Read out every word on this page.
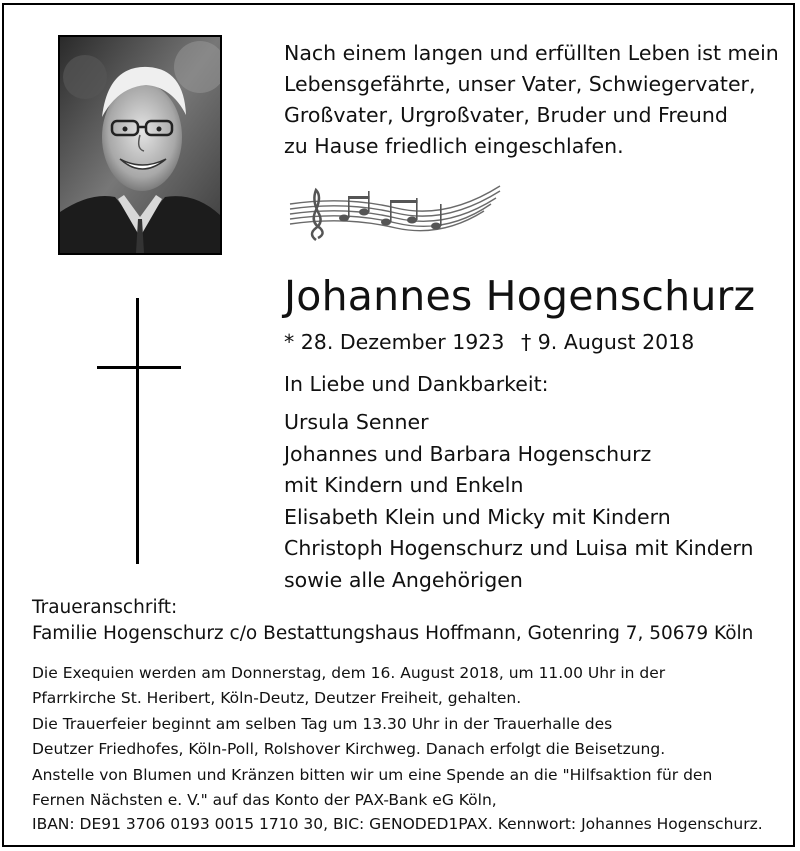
Nach einem langen und erfüllten Leben ist mein
Lebensgefährte, unser Vater, Schwiegervater,
Großvater, Urgroßvater, Bruder und Freund
zu Hause friedlich eingeschlafen.
Johannes Hogenschurz
* 28. Dezember 1923 † 9. August 2018
In Liebe und Dankbarkeit:
Ursula Senner
Johannes und Barbara Hogenschurz
mit Kindern und Enkeln
Elisabeth Klein und Micky mit Kindern
Christoph Hogenschurz und Luisa mit Kindern
sowie alle Angehörigen
Traueranschrift:
Familie Hogenschurz c/o Bestattungshaus Hoffmann, Gotenring 7, 50679 Köln

Die Exequien werden am Donnerstag, dem 16. August 2018, um 11.00 Uhr in der
Pfarrkirche St. Heribert, Köln-Deutz, Deutzer Freiheit, gehalten.

Die Trauerfeier beginnt am selben Tag um 13.30 Uhr in der Trauerhalle des
Deutzer Friedhofes, Köln-Poll, Rolshover Kirchweg. Danach erfolgt die Beisetzung.

Anstelle von Blumen und Kränzen bitten wir um eine Spende an die "Hilfsaktion für den
Fernen Nächsten e. V." auf das Konto der PAX-Bank eG Köln,
IBAN: DE91 3706 0193 0015 1710 30, BIC: GENODED1PAX. Kennwort: Johannes Hogenschurz.
